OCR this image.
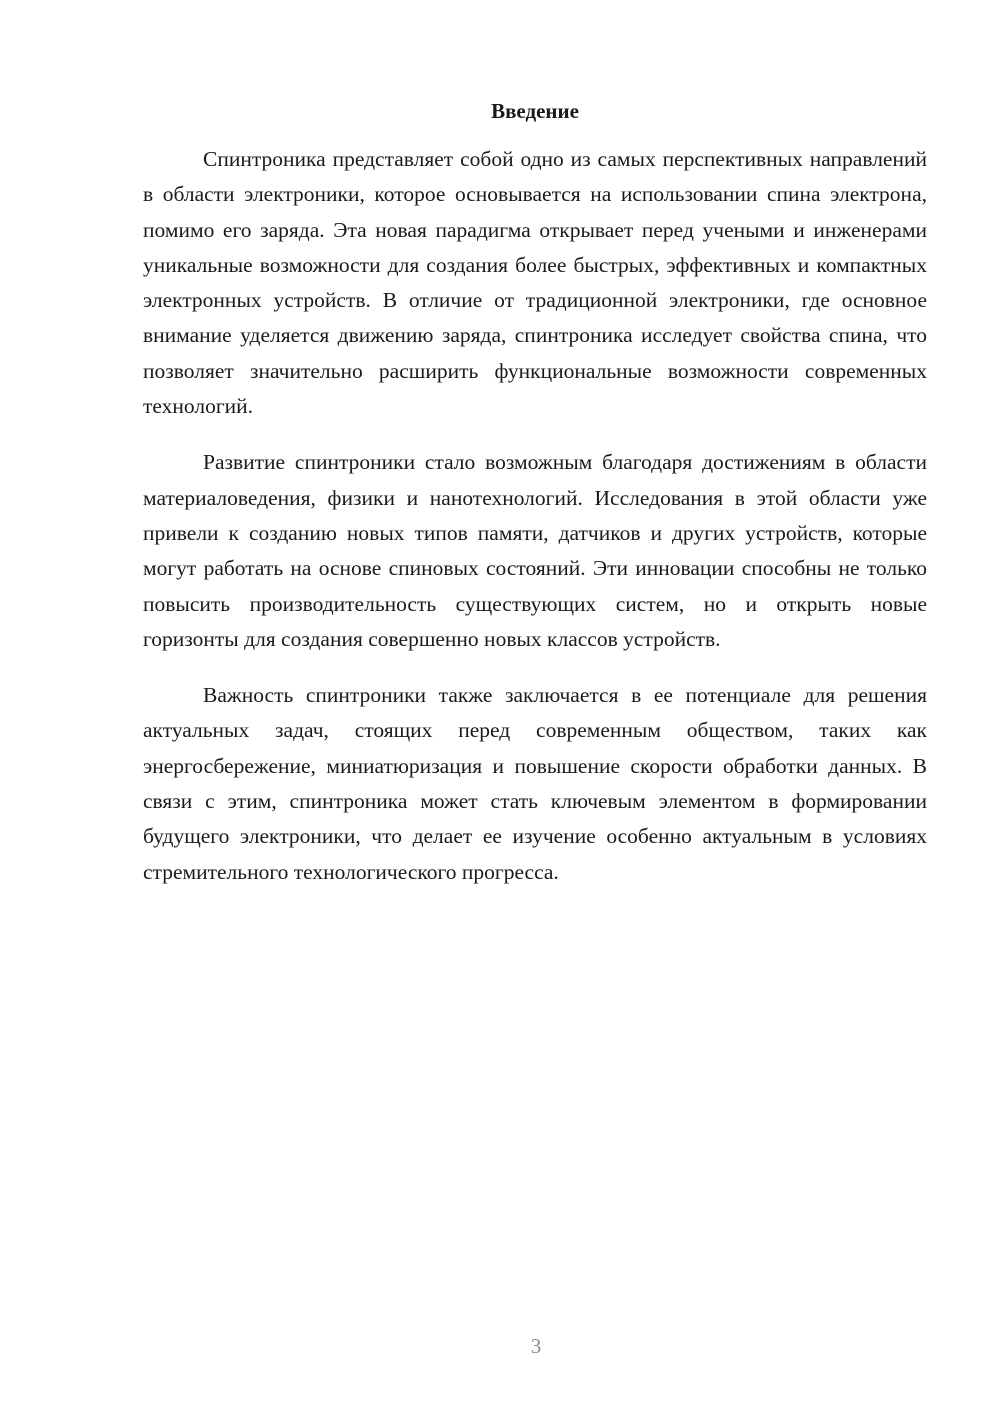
Введение

Спинтроника представляет собой одно из самых перспективных направлений в области электроники, которое основывается на использовании спина электрона, помимо его заряда. Эта новая парадигма открывает перед учеными и инженерами уникальные возможности для создания более быстрых, эффективных и компактных электронных устройств. В отличие от традиционной электроники, где основное внимание уделяется движению заряда, спинтроника исследует свойства спина, что позволяет значительно расширить функциональные возможности современных технологий.

Развитие спинтроники стало возможным благодаря достижениям в области материаловедения, физики и нанотехнологий. Исследования в этой области уже привели к созданию новых типов памяти, датчиков и других устройств, которые могут работать на основе спиновых состояний. Эти инновации способны не только повысить производительность существующих систем, но и открыть новые горизонты для создания совершенно новых классов устройств.

Важность спинтроники также заключается в ее потенциале для решения актуальных задач, стоящих перед современным обществом, таких как энергосбережение, миниатюризация и повышение скорости обработки данных. В связи с этим, спинтроника может стать ключевым элементом в формировании будущего электроники, что делает ее изучение особенно актуальным в условиях стремительного технологического прогресса.

3
